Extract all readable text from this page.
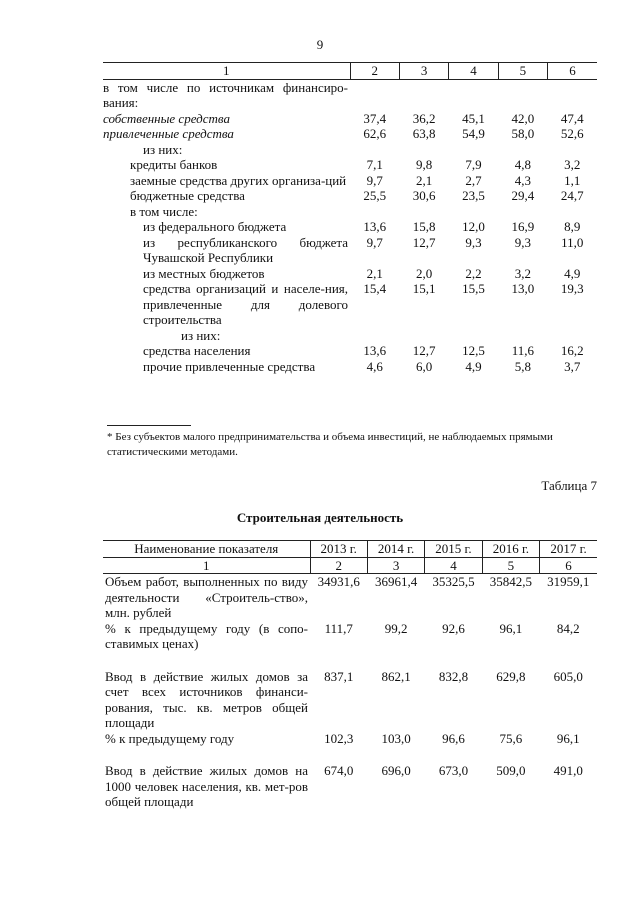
9
1	2	3	4	5	6
в том числе по источникам финансиро-вания:					
собственные средства	37,4	36,2	45,1	42,0	47,4
привлеченные средства	62,6	63,8	54,9	58,0	52,6
из них:					
кредиты банков	7,1	9,8	7,9	4,8	3,2
заемные средства других организа-ций	9,7	2,1	2,7	4,3	1,1
бюджетные средства	25,5	30,6	23,5	29,4	24,7
в том числе:					
из федерального бюджета	13,6	15,8	12,0	16,9	8,9
из республиканского бюджета Чувашской Республики	9,7	12,7	9,3	9,3	11,0
из местных бюджетов	2,1	2,0	2,2	3,2	4,9
средства организаций и населе-ния, привлеченные для долевого строительства	15,4	15,1	15,5	13,0	19,3
из них:					
средства населения	13,6	12,7	12,5	11,6	16,2
прочие привлеченные средства	4,6	6,0	4,9	5,8	3,7
* Без субъектов малого предпринимательства и объема инвестиций, не наблюдаемых прямыми статистическими методами.
Таблица 7
Строительная деятельность
Наименование показателя	2013 г.	2014 г.	2015 г.	2016 г.	2017 г.
1	2	3	4	5	6
Объем работ, выполненных по виду деятельности «Строитель-ство», млн. рублей	34931,6	36961,4	35325,5	35842,5	31959,1
% к предыдущему году (в сопо-ставимых ценах)	111,7	99,2	92,6	96,1	84,2

Ввод в действие жилых домов за счет всех источников финанси-рования, тыс. кв. метров общей площади	837,1	862,1	832,8	629,8	605,0
% к предыдущему году	102,3	103,0	96,6	75,6	96,1

Ввод в действие жилых домов на 1000 человек населения, кв. мет-ров общей площади	674,0	696,0	673,0	509,0	491,0
